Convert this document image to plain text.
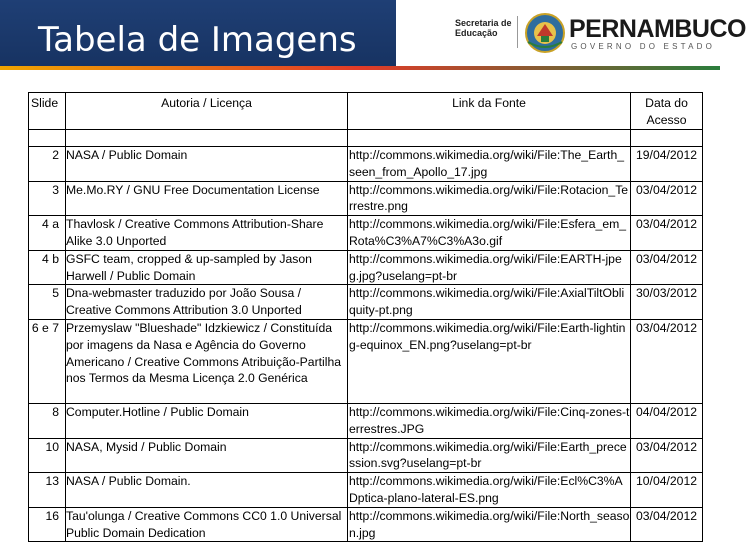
Tabela de Imagens	Secretaria de
Educação	PERNAMBUCO
GOVERNO DO ESTADO
Slide	Autoria / Licença	Link da Fonte	Data do Acesso

2	NASA / Public Domain	http://commons.wikimedia.org/wiki/File:The_Earth_seen_from_Apollo_17.jpg	19/04/2012
3	Me.Mo.RY / GNU Free Documentation License	http://commons.wikimedia.org/wiki/File:Rotacion_Terrestre.png	03/04/2012
4 a	Thavlosk / Creative Commons Attribution-Share Alike 3.0 Unported	http://commons.wikimedia.org/wiki/File:Esfera_em_Rota%C3%A7%C3%A3o.gif	03/04/2012
4 b	GSFC team, cropped & up-sampled by Jason Harwell / Public Domain	http://commons.wikimedia.org/wiki/File:EARTH-jpeg.jpg?uselang=pt-br	03/04/2012
5	Dna-webmaster traduzido por João Sousa / Creative Commons Attribution 3.0 Unported	http://commons.wikimedia.org/wiki/File:AxialTiltObliquity-pt.png	30/03/2012
6 e 7	Przemyslaw "Blueshade" Idzkiewicz / Constituída por imagens da Nasa e Agência do Governo Americano / Creative Commons Atribuição-Partilha nos Termos da Mesma Licença 2.0 Genérica	http://commons.wikimedia.org/wiki/File:Earth-lighting-equinox_EN.png?uselang=pt-br	03/04/2012
8	Computer.Hotline / Public Domain	http://commons.wikimedia.org/wiki/File:Cinq-zones-terrestres.JPG	04/04/2012
10	NASA, Mysid / Public Domain	http://commons.wikimedia.org/wiki/File:Earth_precession.svg?uselang=pt-br	03/04/2012
13	NASA / Public Domain.	http://commons.wikimedia.org/wiki/File:Ecl%C3%ADptica-plano-lateral-ES.png	10/04/2012
16	Tau'olunga / Creative Commons CC0 1.0 Universal Public Domain Dedication	http://commons.wikimedia.org/wiki/File:North_season.jpg	03/04/2012
